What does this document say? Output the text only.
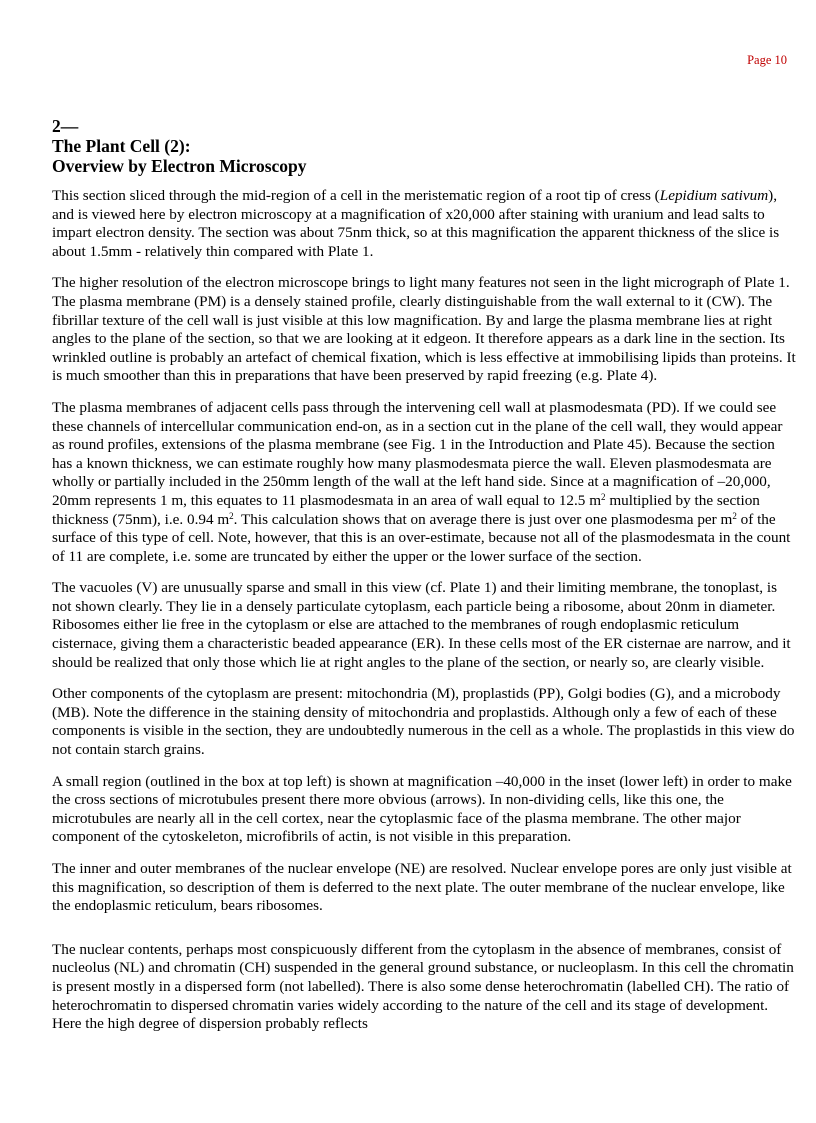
Page 10
2—
The Plant Cell (2):
Overview by Electron Microscopy

This section sliced through the mid-region of a cell in the meristematic region of a root tip of cress (Lepidium sativum), and is viewed here by electron microscopy at a magnification of x20,000 after staining with uranium and lead salts to impart electron density. The section was about 75nm thick, so at this magnification the apparent thickness of the slice is about 1.5mm - relatively thin compared with Plate 1.

The higher resolution of the electron microscope brings to light many features not seen in the light micrograph of Plate 1. The plasma membrane (PM) is a densely stained profile, clearly distinguishable from the wall external to it (CW). The fibrillar texture of the cell wall is just visible at this low magnification. By and large the plasma membrane lies at right angles to the plane of the section, so that we are looking at it edgeon. It therefore appears as a dark line in the section. Its wrinkled outline is probably an artefact of chemical fixation, which is less effective at immobilising lipids than proteins. It is much smoother than this in preparations that have been preserved by rapid freezing (e.g. Plate 4).

The plasma membranes of adjacent cells pass through the intervening cell wall at plasmodesmata (PD). If we could see these channels of intercellular communication end-on, as in a section cut in the plane of the cell wall, they would appear as round profiles, extensions of the plasma membrane (see Fig. 1 in the Introduction and Plate 45). Because the section has a known thickness, we can estimate roughly how many plasmodesmata pierce the wall. Eleven plasmodesmata are wholly or partially included in the 250mm length of the wall at the left hand side. Since at a magnification of –20,000, 20mm represents 1 m, this equates to 11 plasmodesmata in an area of wall equal to 12.5 $m^2$ multiplied by the section thickness (75nm), i.e. 0.94 $m^2$. This calculation shows that on average there is just over one plasmodesma per $m^2$ of the surface of this type of cell. Note, however, that this is an over-estimate, because not all of the plasmodesmata in the count of 11 are complete, i.e. some are truncated by either the upper or the lower surface of the section.

The vacuoles (V) are unusually sparse and small in this view (cf. Plate 1) and their limiting membrane, the tonoplast, is not shown clearly. They lie in a densely particulate cytoplasm, each particle being a ribosome, about 20nm in diameter. Ribosomes either lie free in the cytoplasm or else are attached to the membranes of rough endoplasmic reticulum cisternace, giving them a characteristic beaded appearance (ER). In these cells most of the ER cisternae are narrow, and it should be realized that only those which lie at right angles to the plane of the section, or nearly so, are clearly visible.

Other components of the cytoplasm are present: mitochondria (M), proplastids (PP), Golgi bodies (G), and a microbody (MB). Note the difference in the staining density of mitochondria and proplastids. Although only a few of each of these components is visible in the section, they are undoubtedly numerous in the cell as a whole. The proplastids in this view do not contain starch grains.

A small region (outlined in the box at top left) is shown at magnification –40,000 in the inset (lower left) in order to make the cross sections of microtubules present there more obvious (arrows). In non-dividing cells, like this one, the microtubules are nearly all in the cell cortex, near the cytoplasmic face of the plasma membrane. The other major component of the cytoskeleton, microfibrils of actin, is not visible in this preparation.

The inner and outer membranes of the nuclear envelope (NE) are resolved. Nuclear envelope pores are only just visible at this magnification, so description of them is deferred to the next plate. The outer membrane of the nuclear envelope, like the endoplasmic reticulum, bears ribosomes.

The nuclear contents, perhaps most conspicuously different from the cytoplasm in the absence of membranes, consist of nucleolus (NL) and chromatin (CH) suspended in the general ground substance, or nucleoplasm. In this cell the chromatin is present mostly in a dispersed form (not labelled). There is also some dense heterochromatin (labelled CH). The ratio of heterochromatin to dispersed chromatin varies widely according to the nature of the cell and its stage of development. Here the high degree of dispersion probably reflects
